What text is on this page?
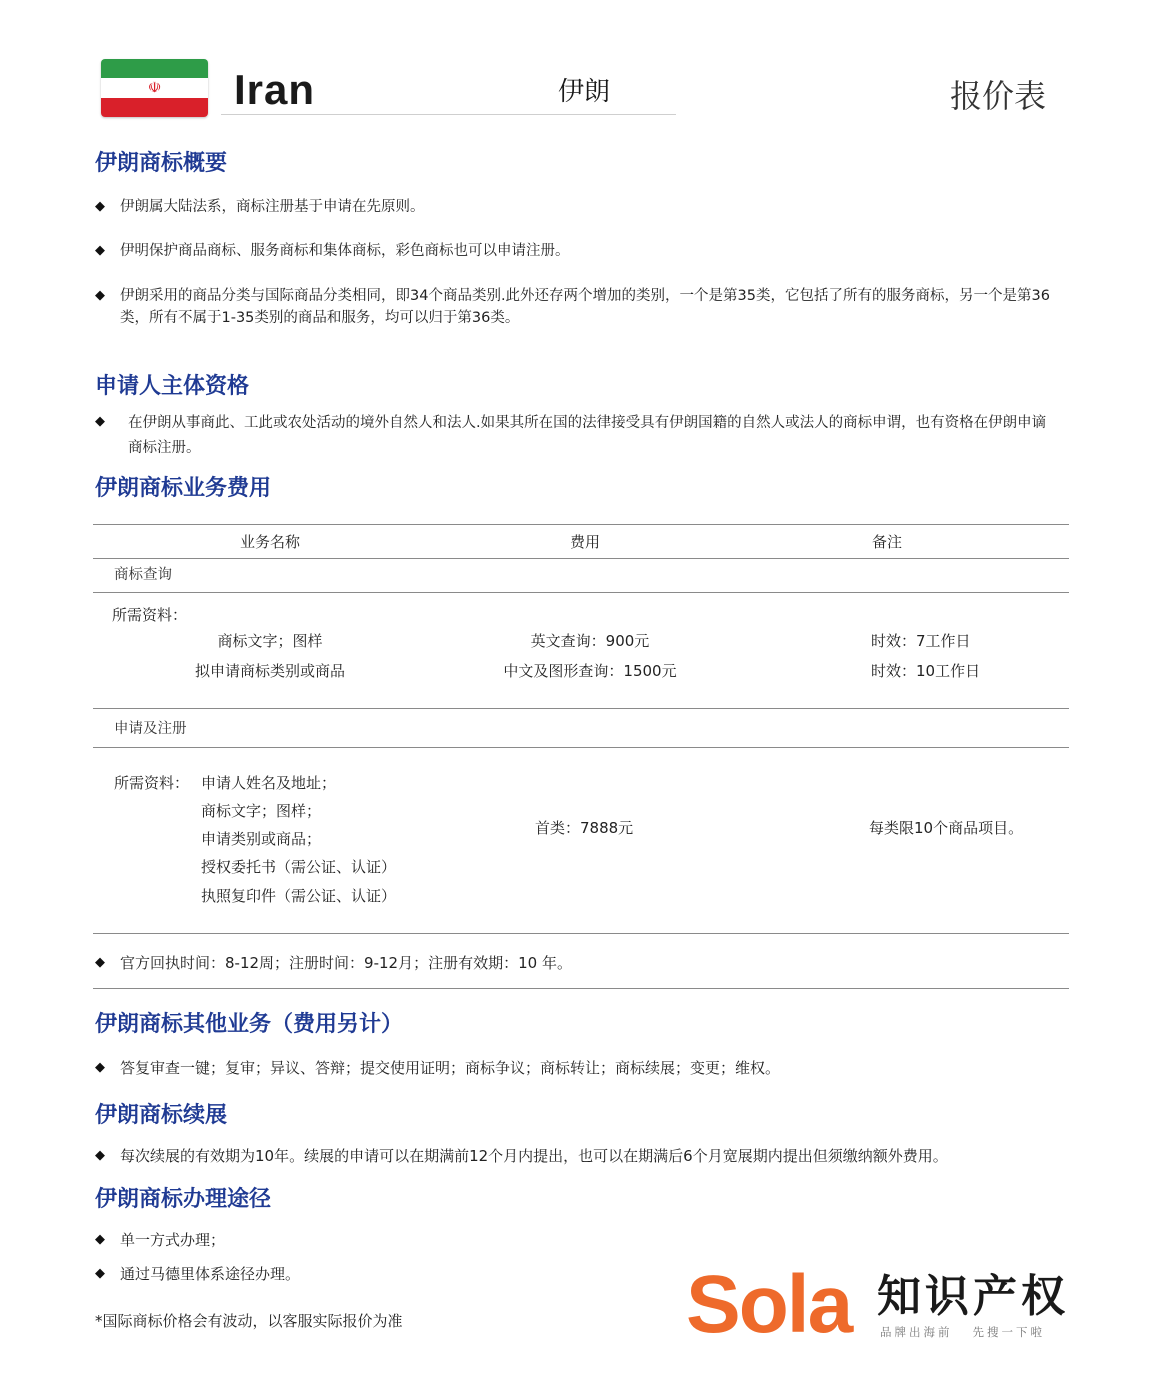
☫ Iran	伊朗	报价表
伊朗商标概要
◆	伊朗属大陆法系，商标注册基于申请在先原则。
◆	伊明保护商品商标、服务商标和集体商标，彩色商标也可以申请注册。
◆	伊朗采用的商品分类与国际商品分类相同，即34个商品类别.此外还存两个增加的类别，一个是第35类，它包括了所有的服务商标，另一个是第36类，所有不属于1-35类别的商品和服务，均可以归于第36类。
申请人主体资格
◆	在伊朗从事商此、工此或农处活动的境外自然人和法人.如果其所在国的法律接受具有伊朗国籍的自然人或法人的商标申谓，也有资格在伊朗申谪商标注册。
伊朗商标业务费用
业务名称	费用	备注
商标查询
所需资料：
商标文字；图样	英文查询：900元	时效：7工作日
拟申请商标类别或商品	中文及图形查询：1500元	时效：10工作日
申请及注册
所需资料： 申请人姓名及地址；
商标文字；图样；
申请类别或商品；
授权委托书（需公证、认证）
执照复印件（需公证、认证）
首类：7888元	每类限10个商品项目。
◆	官方回执时间：8-12周；注册时间：9-12月；注册有效期：10 年。
伊朗商标其他业务（费用另计）
◆	答复审查一键；复审；异议、答辩；提交使用证明；商标争议；商标转让；商标续展；变更；维权。
伊朗商标续展
◆	每次续展的有效期为10年。续展的申请可以在期满前12个月内提出，也可以在期满后6个月宽展期内提出但须缴纳额外费用。
伊朗商标办理途径
◆	单一方式办理；
◆	通过马德里体系途径办理。
*国际商标价格会有波动，以客服实际报价为准	Sola 知识产权
品牌出海前 先搜一下啦
